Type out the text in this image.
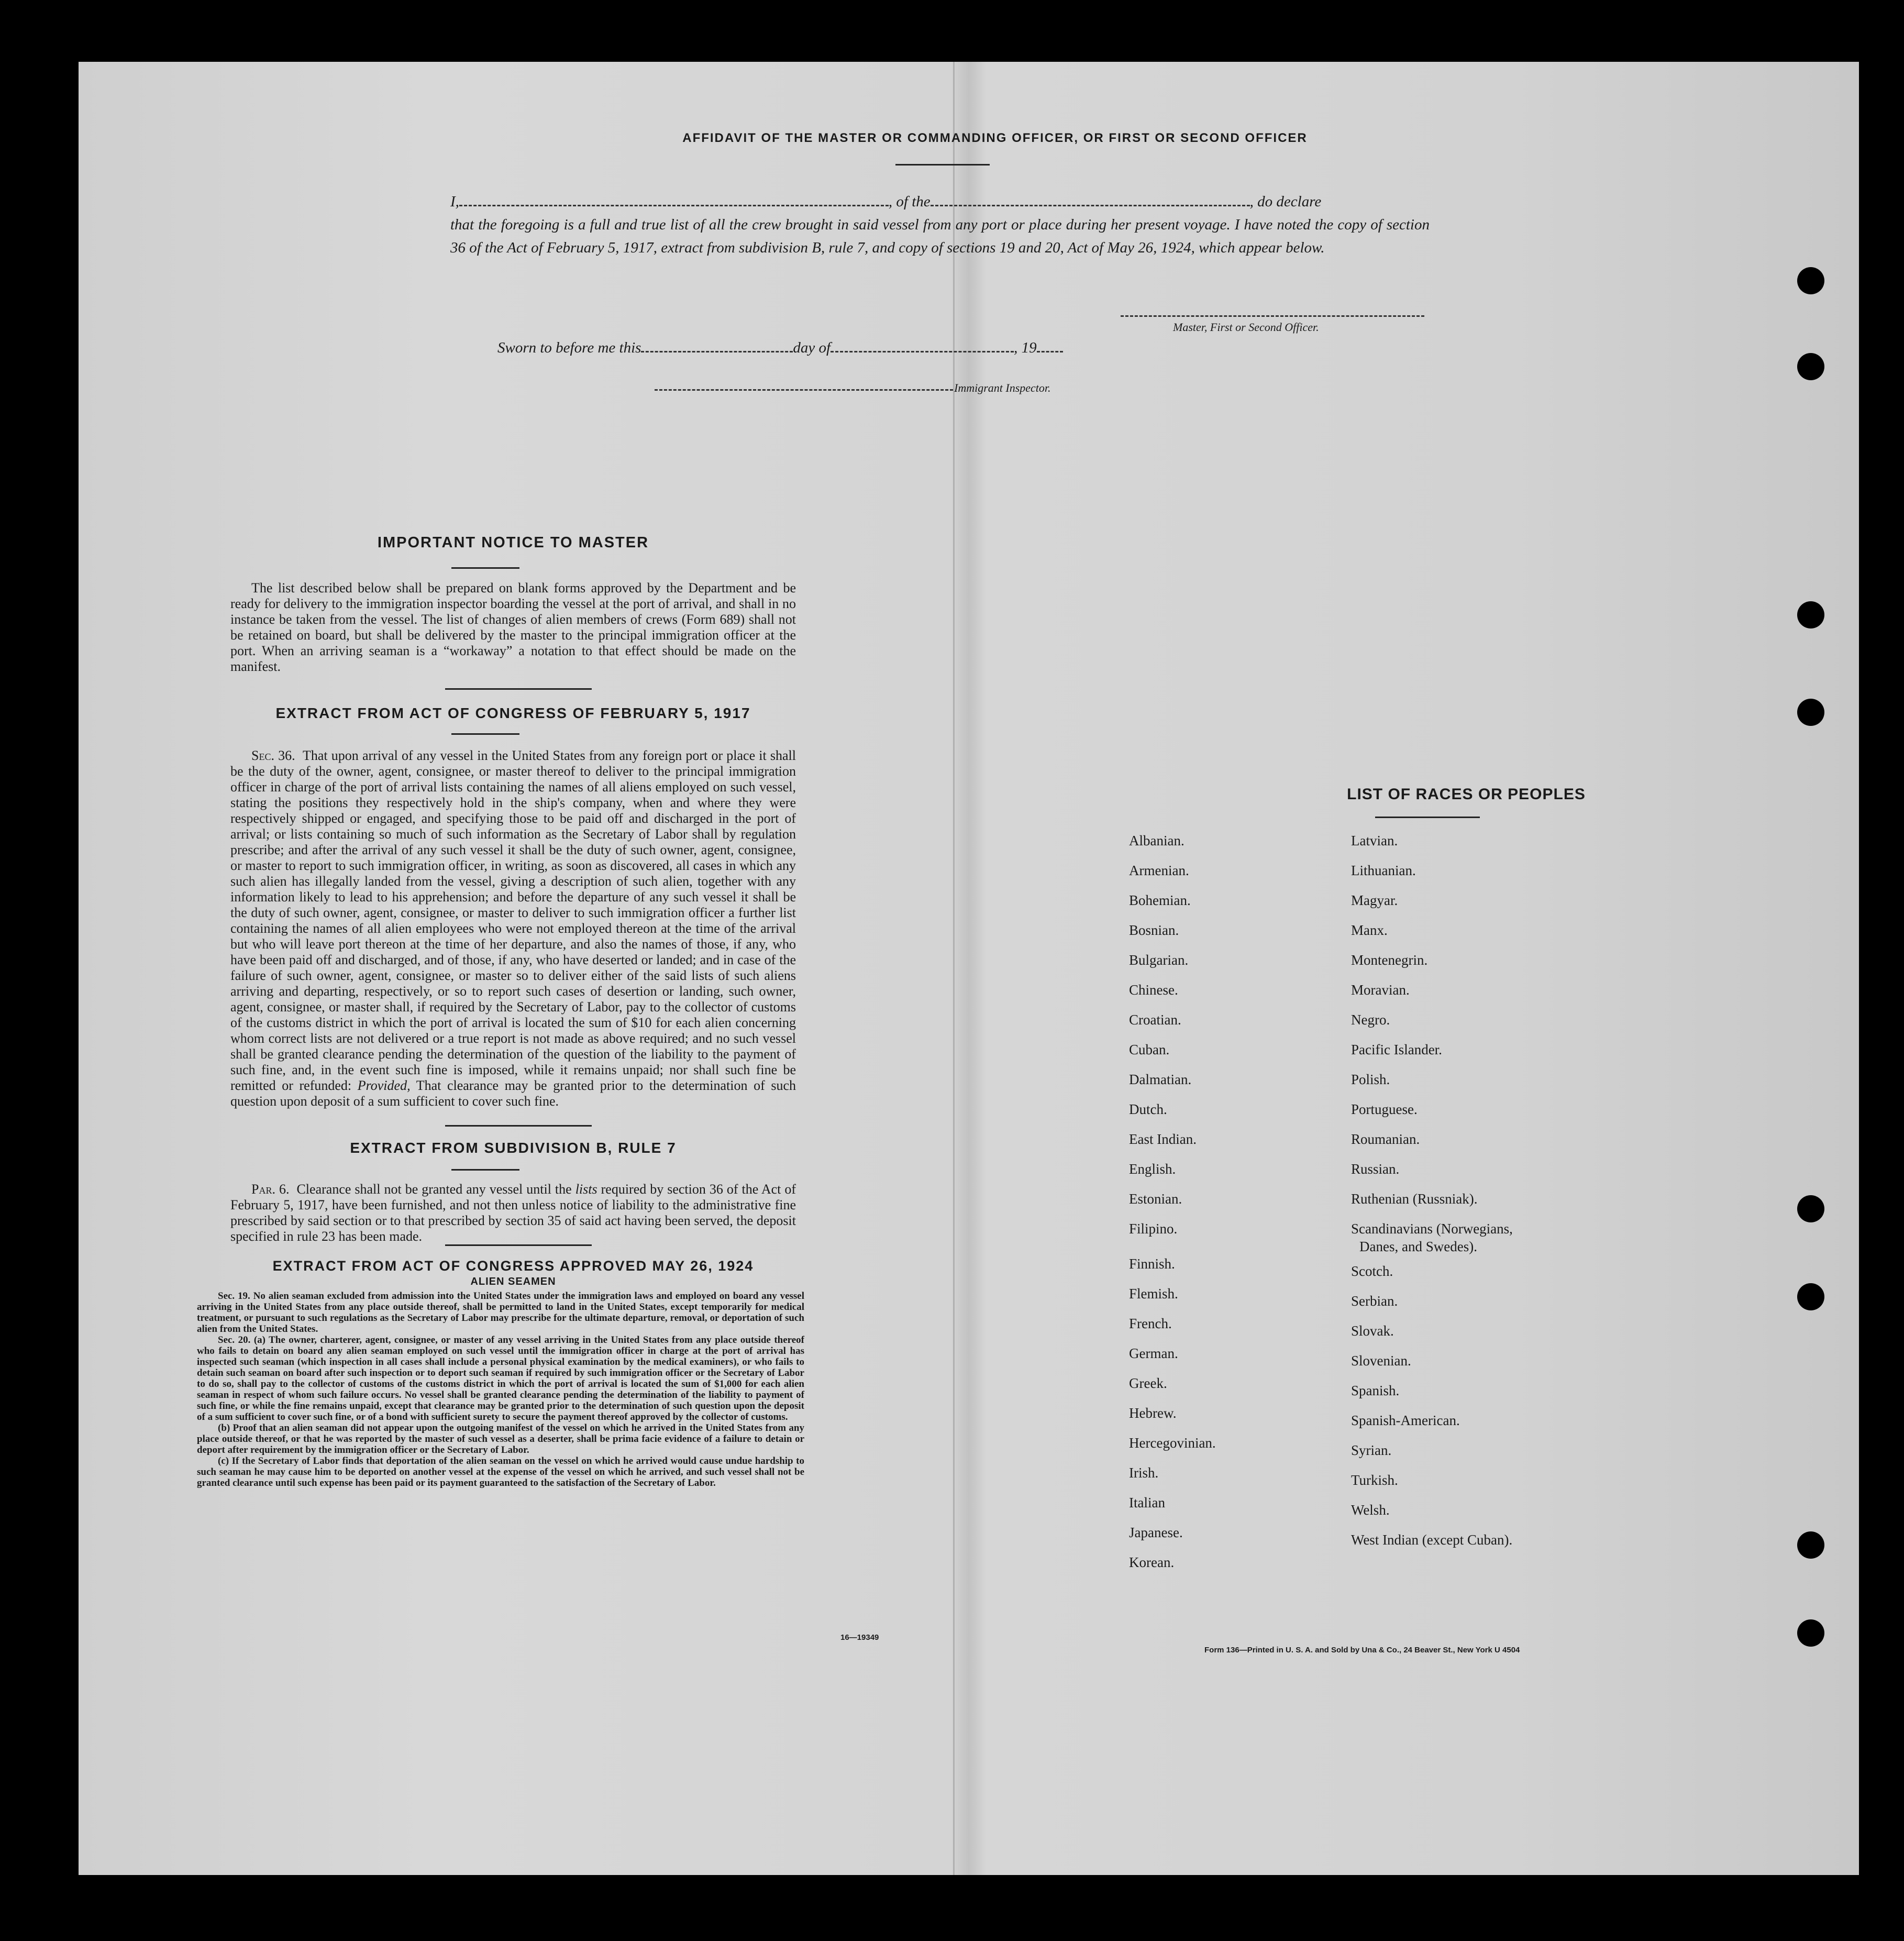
AFFIDAVIT OF THE MASTER OR COMMANDING OFFICER, OR FIRST OR SECOND OFFICER
I,	, of the	, do declare
that the foregoing is a full and true list of all the crew brought in said vessel from any port or place during her present voyage. I have noted the copy of section 36 of the Act of February 5, 1917, extract from subdivision B, rule 7, and copy of sections 19 and 20, Act of May 26, 1924, which appear below.
Master, First or Second Officer.
Sworn to before me this	day of	, 19
Immigrant Inspector.
IMPORTANT NOTICE TO MASTER
The list described below shall be prepared on blank forms approved by the Department and be ready for delivery to the immigration inspector boarding the vessel at the port of arrival, and shall in no instance be taken from the vessel. The list of changes of alien members of crews (Form 689) shall not be retained on board, but shall be delivered by the master to the principal immigration officer at the port. When an arriving seaman is a “workaway” a notation to that effect should be made on the manifest.
EXTRACT FROM ACT OF CONGRESS OF FEBRUARY 5, 1917
Sec. 36. That upon arrival of any vessel in the United States from any foreign port or place it shall be the duty of the owner, agent, consignee, or master thereof to deliver to the principal immigration officer in charge of the port of arrival lists containing the names of all aliens employed on such vessel, stating the positions they respectively hold in the ship's company, when and where they were respectively shipped or engaged, and specifying those to be paid off and discharged in the port of arrival; or lists containing so much of such information as the Secretary of Labor shall by regulation prescribe; and after the arrival of any such vessel it shall be the duty of such owner, agent, consignee, or master to report to such immigration officer, in writing, as soon as discovered, all cases in which any such alien has illegally landed from the vessel, giving a description of such alien, together with any information likely to lead to his apprehension; and before the departure of any such vessel it shall be the duty of such owner, agent, consignee, or master to deliver to such immigration officer a further list containing the names of all alien employees who were not employed thereon at the time of the arrival but who will leave port thereon at the time of her departure, and also the names of those, if any, who have been paid off and discharged, and of those, if any, who have deserted or landed; and in case of the failure of such owner, agent, consignee, or master so to deliver either of the said lists of such aliens arriving and departing, respectively, or so to report such cases of desertion or landing, such owner, agent, consignee, or master shall, if required by the Secretary of Labor, pay to the collector of customs of the customs district in which the port of arrival is located the sum of $10 for each alien concerning whom correct lists are not delivered or a true report is not made as above required; and no such vessel shall be granted clearance pending the determination of the question of the liability to the payment of such fine, and, in the event such fine is imposed, while it remains unpaid; nor shall such fine be remitted or refunded: Provided, That clearance may be granted prior to the determination of such question upon deposit of a sum sufficient to cover such fine.
EXTRACT FROM SUBDIVISION B, RULE 7
Par. 6. Clearance shall not be granted any vessel until the lists required by section 36 of the Act of February 5, 1917, have been furnished, and not then unless notice of liability to the administrative fine prescribed by said section or to that prescribed by section 35 of said act having been served, the deposit specified in rule 23 has been made.
EXTRACT FROM ACT OF CONGRESS APPROVED MAY 26, 1924
ALIEN SEAMEN
Sec. 19. No alien seaman excluded from admission into the United States under the immigration laws and employed on board any vessel arriving in the United States from any place outside thereof, shall be permitted to land in the United States, except temporarily for medical treatment, or pursuant to such regulations as the Secretary of Labor may prescribe for the ultimate departure, removal, or deportation of such alien from the United States.
Sec. 20. (a) The owner, charterer, agent, consignee, or master of any vessel arriving in the United States from any place outside thereof who fails to detain on board any alien seaman employed on such vessel until the immigration officer in charge at the port of arrival has inspected such seaman (which inspection in all cases shall include a personal physical examination by the medical examiners), or who fails to detain such seaman on board after such inspection or to deport such seaman if required by such immigration officer or the Secretary of Labor to do so, shall pay to the collector of customs of the customs district in which the port of arrival is located the sum of $1,000 for each alien seaman in respect of whom such failure occurs. No vessel shall be granted clearance pending the determination of the liability to payment of such fine, or while the fine remains unpaid, except that clearance may be granted prior to the determination of such question upon the deposit of a sum sufficient to cover such fine, or of a bond with sufficient surety to secure the payment thereof approved by the collector of customs.
(b) Proof that an alien seaman did not appear upon the outgoing manifest of the vessel on which he arrived in the United States from any place outside thereof, or that he was reported by the master of such vessel as a deserter, shall be prima facie evidence of a failure to detain or deport after requirement by the immigration officer or the Secretary of Labor.
(c) If the Secretary of Labor finds that deportation of the alien seaman on the vessel on which he arrived would cause undue hardship to such seaman he may cause him to be deported on another vessel at the expense of the vessel on which he arrived, and such vessel shall not be granted clearance until such expense has been paid or its payment guaranteed to the satisfaction of the Secretary of Labor.
16—19349
LIST OF RACES OR PEOPLES
Albanian.
Armenian.
Bohemian.
Bosnian.
Bulgarian.
Chinese.
Croatian.
Cuban.
Dalmatian.
Dutch.
East Indian.
English.
Estonian.
Filipino.
Finnish.
Flemish.
French.
German.
Greek.
Hebrew.
Hercegovinian.
Irish.
Italian
Japanese.
Korean.
Latvian.
Lithuanian.
Magyar.
Manx.
Montenegrin.
Moravian.
Negro.
Pacific Islander.
Polish.
Portuguese.
Roumanian.
Russian.
Ruthenian (Russniak).
Scandinavians (Norwegians,
Danes, and Swedes).
Scotch.
Serbian.
Slovak.
Slovenian.
Spanish.
Spanish-American.
Syrian.
Turkish.
Welsh.
West Indian (except Cuban).
Form 136—Printed in U. S. A. and Sold by Una & Co., 24 Beaver St., New York U 4504
